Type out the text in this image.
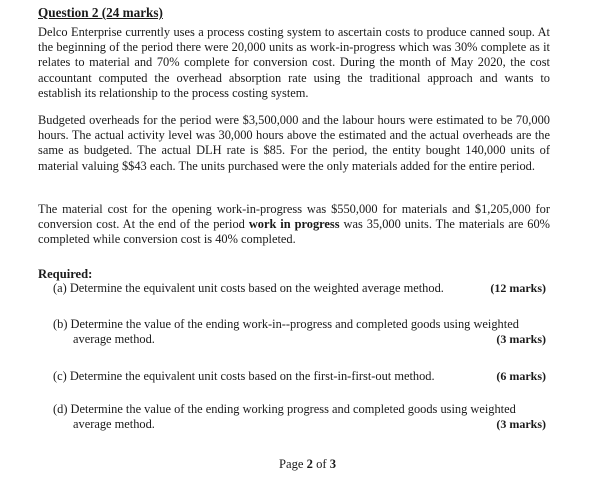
Question 2 (24 marks)
Delco Enterprise currently uses a process costing system to ascertain costs to produce canned soup. At the beginning of the period there were 20,000 units as work-in-progress which was 30% complete as it relates to material and 70% complete for conversion cost. During the month of May 2020, the cost accountant computed the overhead absorption rate using the traditional approach and wants to establish its relationship to the process costing system.
Budgeted overheads for the period were $3,500,000 and the labour hours were estimated to be 70,000 hours. The actual activity level was 30,000 hours above the estimated and the actual overheads are the same as budgeted. The actual DLH rate is $85. For the period, the entity bought 140,000 units of material valuing $$43 each. The units purchased were the only materials added for the entire period.
The material cost for the opening work-in-progress was $550,000 for materials and $1,205,000 for conversion cost. At the end of the period work in progress was 35,000 units. The materials are 60% completed while conversion cost is 40% completed.
Required:
(a) Determine the equivalent unit costs based on the weighted average method.	(12 marks)
(b) Determine the value of the ending work-in--progress and completed goods using weighted
average method.	(3 marks)
(c) Determine the equivalent unit costs based on the first-in-first-out method.	(6 marks)
(d) Determine the value of the ending working progress and completed goods using weighted
average method.	(3 marks)
Page 2 of 3
